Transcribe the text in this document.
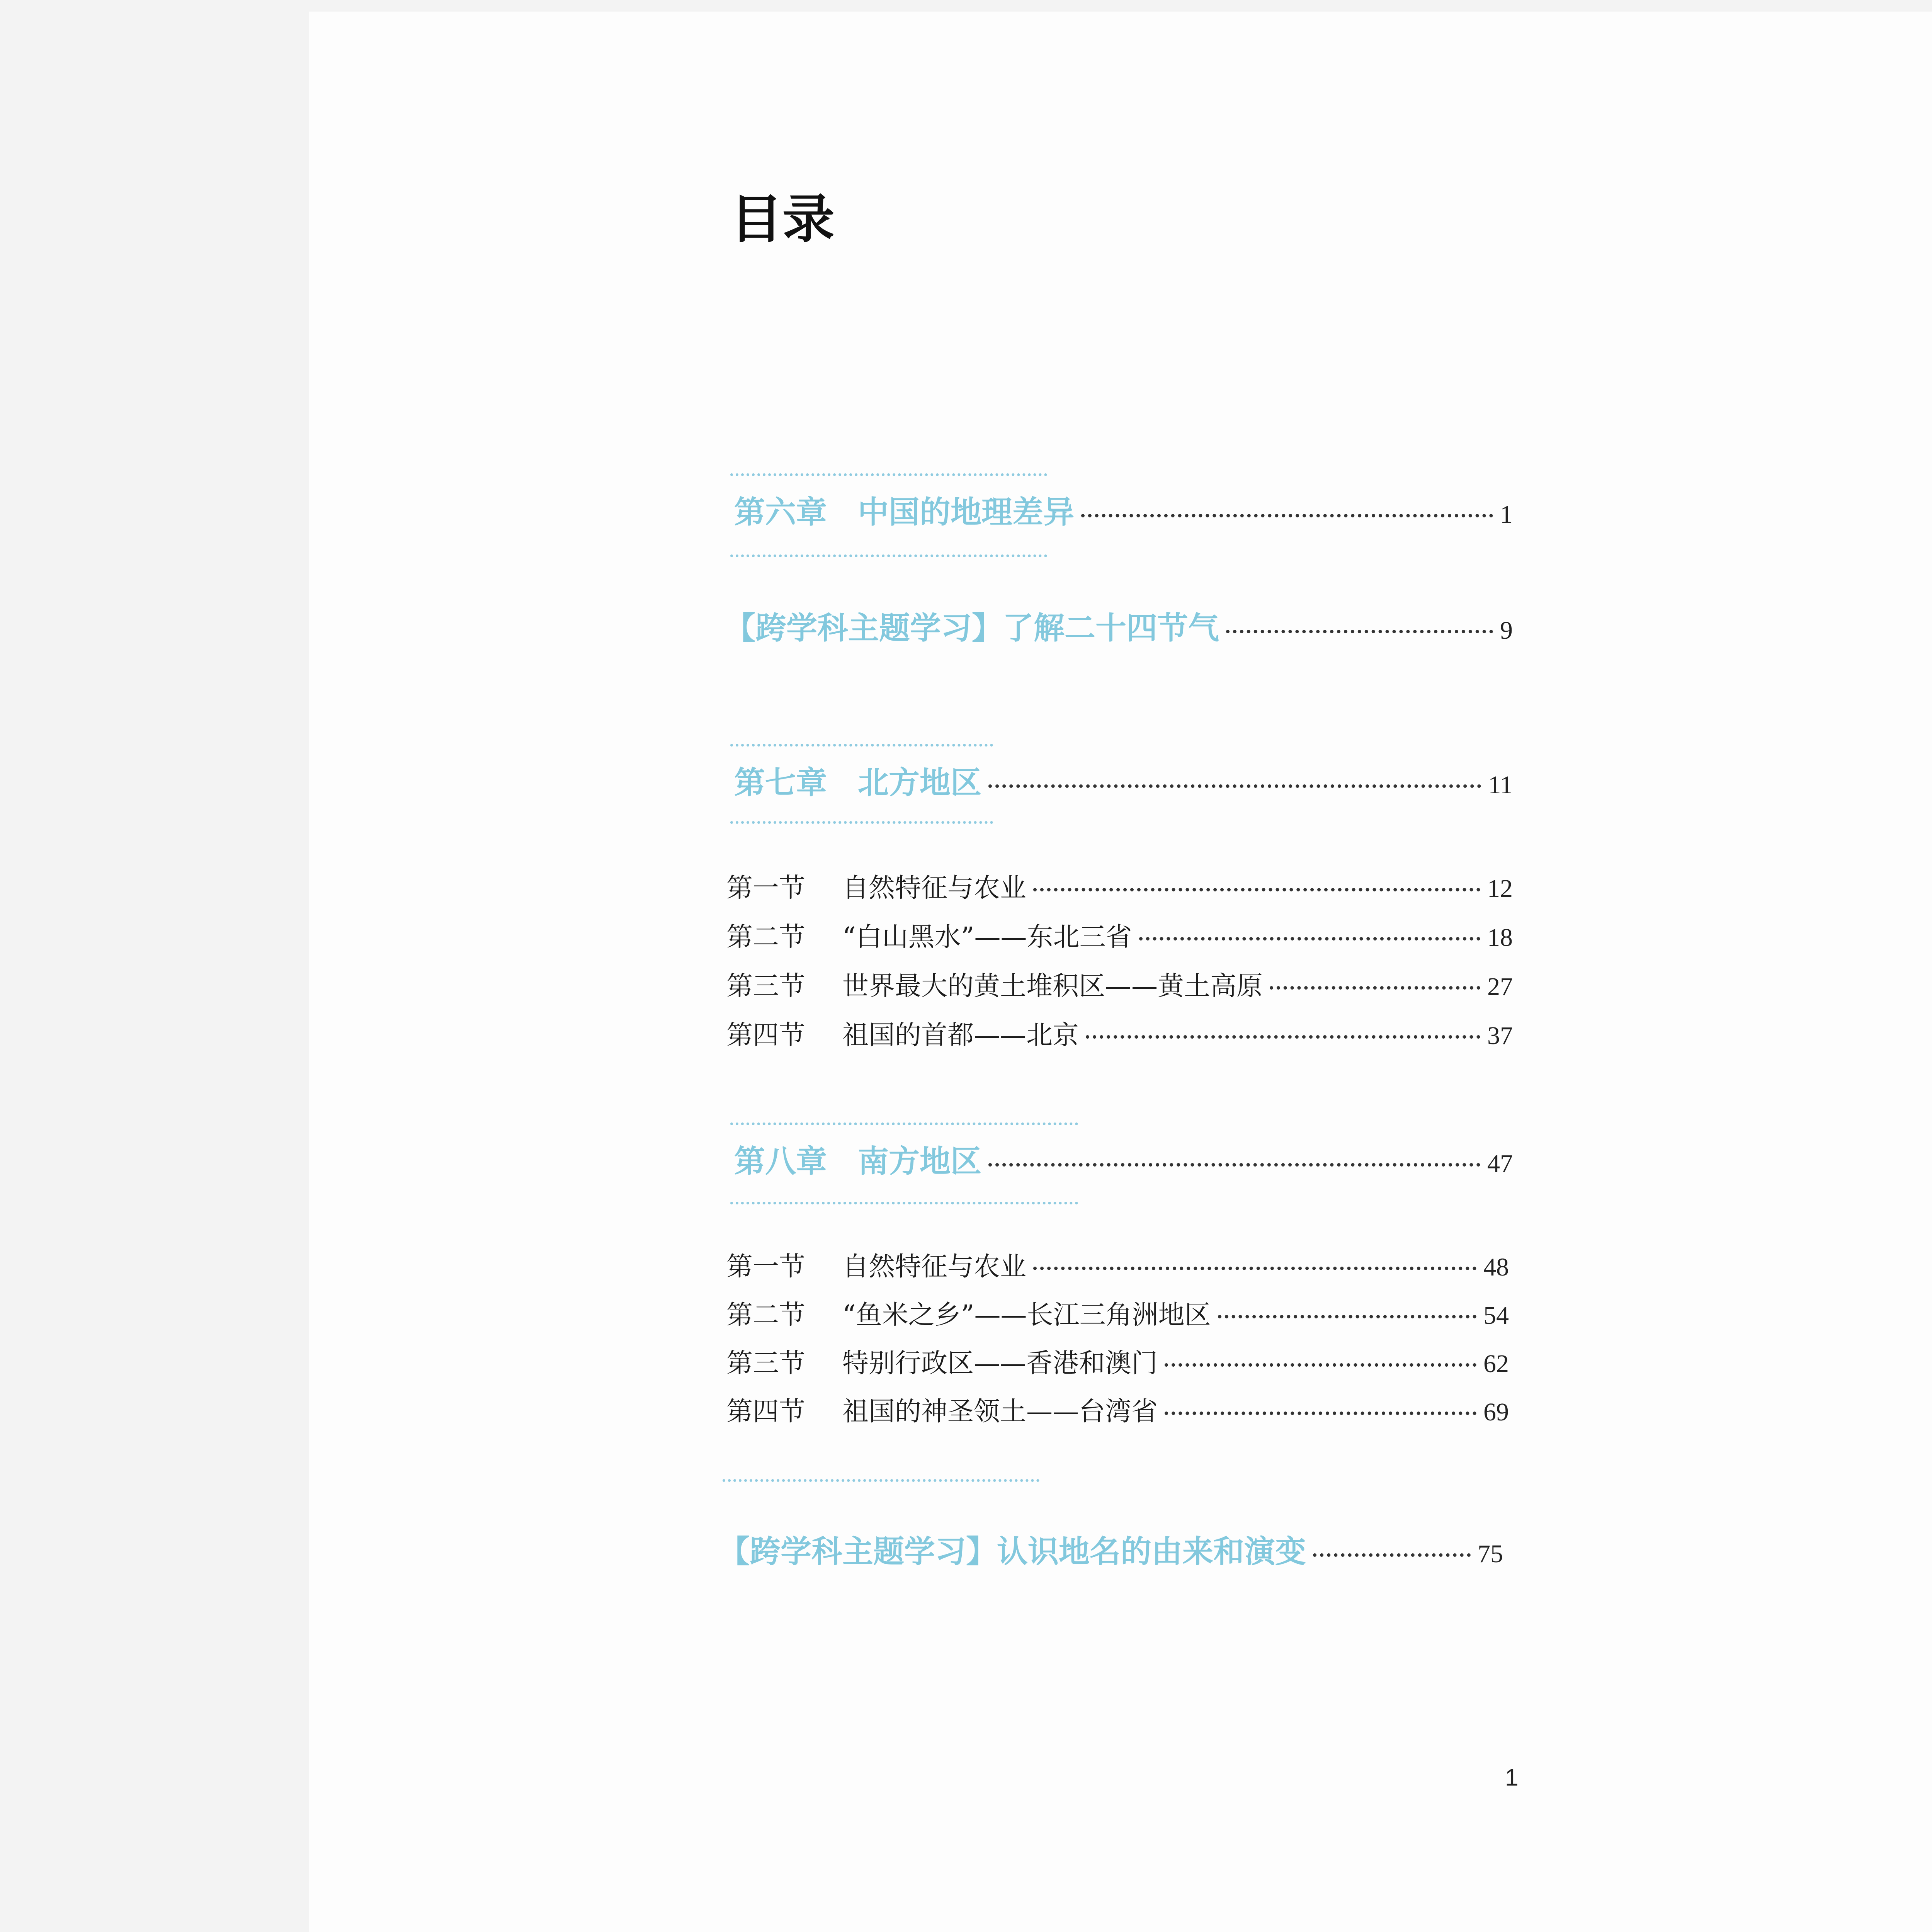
目录
第六章 中国的地理差异	1
【跨学科主题学习】了解二十四节气	9
第七章 北方地区	11
第一节 自然特征与农业	12
第二节 “白山黑水”——东北三省	18
第三节 世界最大的黄土堆积区——黄土高原	27
第四节 祖国的首都——北京	37
第八章 南方地区	47
第一节 自然特征与农业	48
第二节 “鱼米之乡”——长江三角洲地区	54
第三节 特别行政区——香港和澳门	62
第四节 祖国的神圣领土——台湾省	69
【跨学科主题学习】认识地名的由来和演变	75
1
